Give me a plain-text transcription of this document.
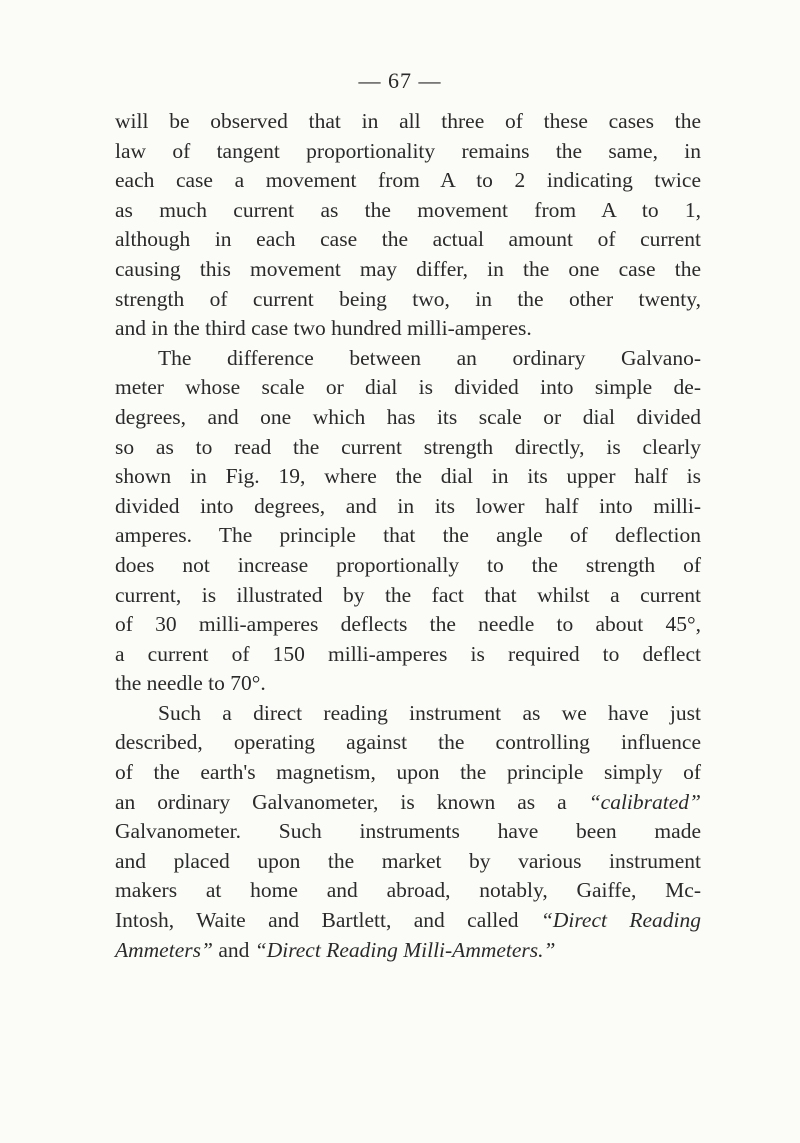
— 67 —
will be observed that in all three of these cases the
law of tangent proportionality remains the same, in
each case a movement from A to 2 indicating twice
as much current as the movement from A to 1,
although in each case the actual amount of current
causing this movement may differ, in the one case the
strength of current being two, in the other twenty,
and in the third case two hundred milli-amperes.
The difference between an ordinary Galvano-
meter whose scale or dial is divided into simple de-
degrees, and one which has its scale or dial divided
so as to read the current strength directly, is clearly
shown in Fig. 19, where the dial in its upper half is
divided into degrees, and in its lower half into milli-
amperes. The principle that the angle of deflection
does not increase proportionally to the strength of
current, is illustrated by the fact that whilst a current
of 30 milli-amperes deflects the needle to about 45°,
a current of 150 milli-amperes is required to deflect
the needle to 70°.
Such a direct reading instrument as we have just
described, operating against the controlling influence
of the earth's magnetism, upon the principle simply of
an ordinary Galvanometer, is known as a “calibrated”
Galvanometer. Such instruments have been made
and placed upon the market by various instrument
makers at home and abroad, notably, Gaiffe, Mc-
Intosh, Waite and Bartlett, and called “Direct Reading
Ammeters” and “Direct Reading Milli-Ammeters.”
